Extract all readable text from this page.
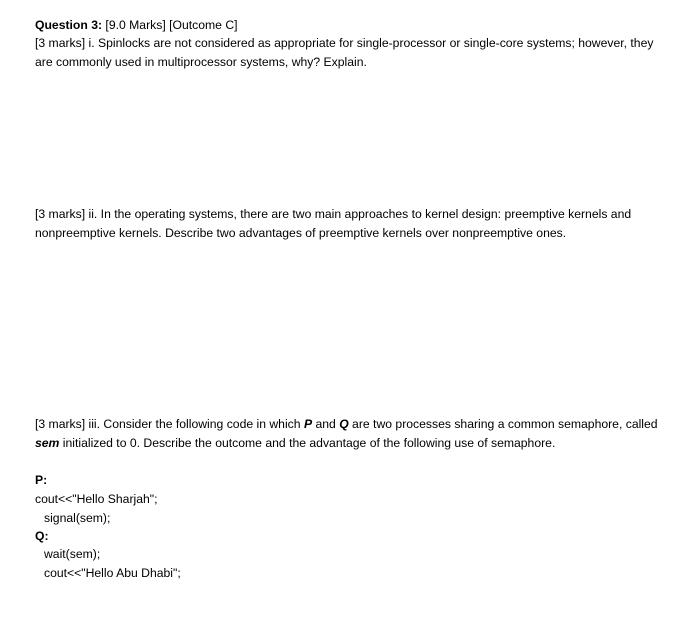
Question 3: [9.0 Marks] [Outcome C]
[3 marks] i. Spinlocks are not considered as appropriate for single-processor or single-core systems; however, they
are commonly used in multiprocessor systems, why? Explain.
[3 marks] ii. In the operating systems, there are two main approaches to kernel design: preemptive kernels and
nonpreemptive kernels. Describe two advantages of preemptive kernels over nonpreemptive ones.
[3 marks] iii. Consider the following code in which P and Q are two processes sharing a common semaphore, called
sem initialized to 0. Describe the outcome and the advantage of the following use of semaphore.
P:
cout<<"Hello Sharjah";
signal(sem);
Q:
wait(sem);
cout<<"Hello Abu Dhabi";
